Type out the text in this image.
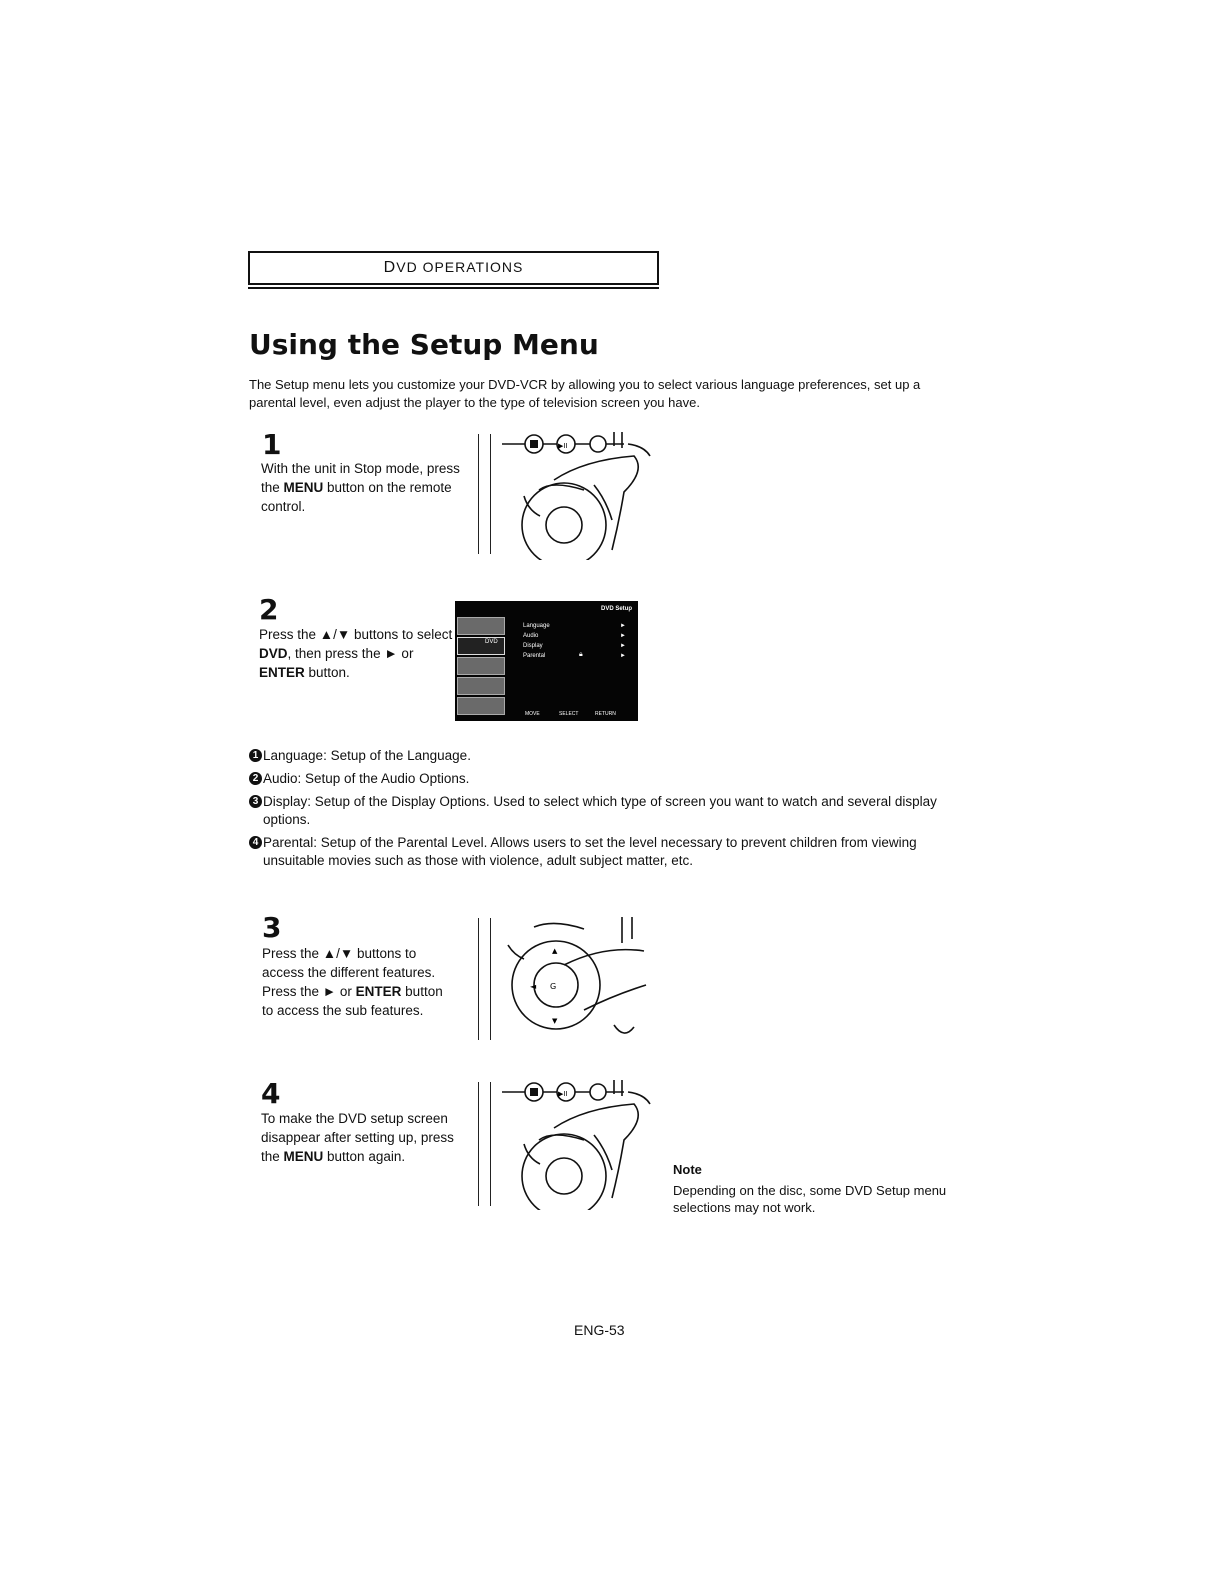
DVD OPERATIONS
Using the Setup Menu

The Setup menu lets you customize your DVD-VCR by allowing you to select various language preferences, set up a parental level, even adjust the player to the type of television screen you have.

1

With the unit in Stop mode, press the MENU button on the remote control.

▶II
2

Press the ▲/▼ buttons to select DVD, then press the ► or ENTER button.

DVD
DVD Setup
Language
Audio
Display
Parental
►
►
►
►
🔒︎
MOVE	SELECT	RETURN
1 Language: Setup of the Language.
2 Audio: Setup of the Audio Options.
3 Display: Setup of the Display Options. Used to select which type of screen you want to watch and several display options.
4 Parental: Setup of the Parental Level. Allows users to set the level necessary to prevent children from viewing unsuitable movies such as those with violence, adult subject matter, etc.
3

Press the ▲/▼ buttons to access the different features. Press the ► or ENTER button to access the sub features.

G
◄
▲
▼
4

To make the DVD setup screen disappear after setting up, press the MENU button again.

▶II
Note

Depending on the disc, some DVD Setup menu selections may not work.

ENG-53
